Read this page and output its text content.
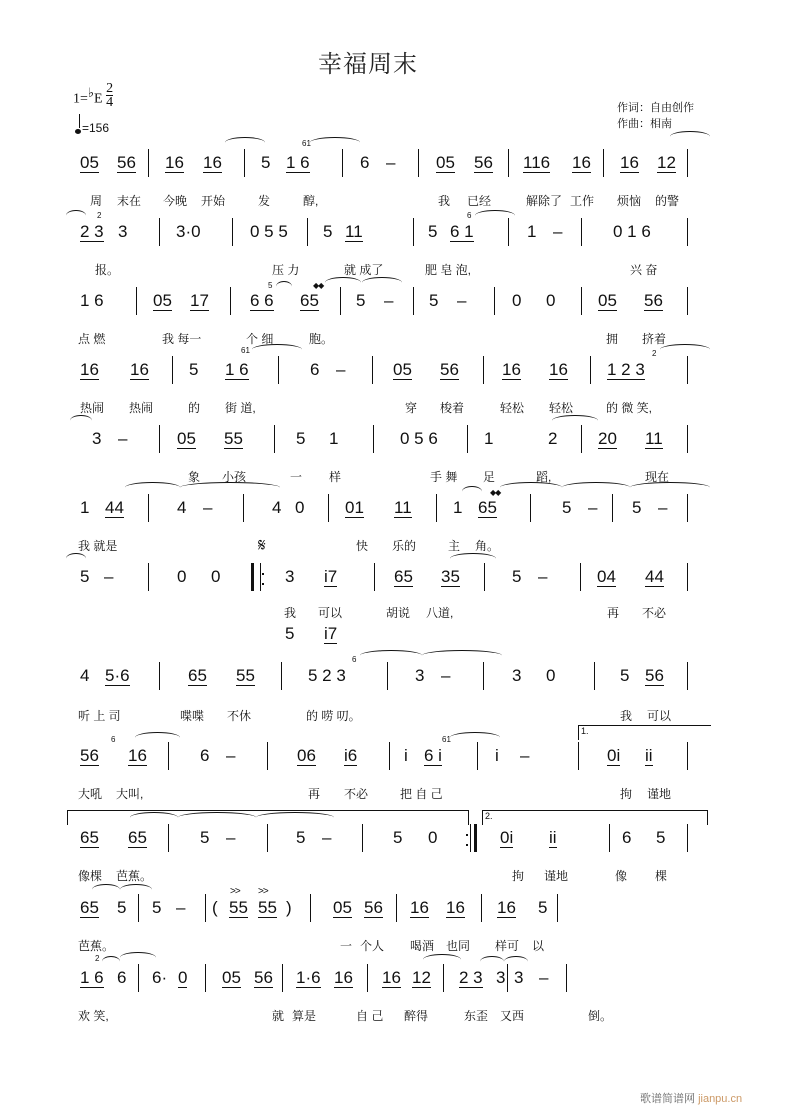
幸福周末
1=♭E $\frac{2}{4}$
=156
作词：自由创作
作曲：相南
05 56 16 16 5 1 6
61
6 – 05 56 116 16 16 12
周 末在 今晚 开始	发	醇,	我 已经	解除了 工作 烦恼 的警
2 3
2
3	3·0	0 5 5 5 11	5 6 1
6
1 –	0 1 6
报。	压 力	就 成了	肥 皂 泡,	兴 奋
1 6	05 17 6 6
5
65
◆◆
5 – 5 –	0 0	05 56
点 燃	我 每一	个 细	胞。	拥 挤着
16 16 5 1 6
61
6 –	05 56	16 16 1 2 3
2
热闹 热闹	的 街 道,	穿 梭着	轻松 轻松	的 微 笑,
3 –	05 55	5 1	0 5 6	1	2 20 11
象 小孩	一 样	手 舞 足	蹈,	现在
1 44	4 –	4 0 01 11 1 65
◆◆
5 – 5 –
我 就是	𝄋	快 乐的	主 角。
5 –	0 0	3 i7	65 35	5 –	04 44
我 可以	胡说 八道,	再 不必
5 i7
4 5·6	65 55	5 2 3
6
3 –	3 0	5 56
听 上 司	喋喋 不休	的 唠 叨。	我 可以
1.
56
6
16	6 –	06 i6	i 6 i
61
i –	0i ii
大吼 大叫,	再 不必	把 自 己	拘 谨地
2.
65 65	5 –	5 –	5 0	0i ii	6 5
像棵 芭蕉。	拘 谨地	像 棵
65 5 5 – (
>>
55
>>
55 ) 05 56 16 16 16 5
芭蕉。	一 个人 喝酒 也同 样可 以
1 6
2
6 6· 0 05 56 1·6 16 16 12 2 3 3 3 –
欢 笑,	就 算是	自 己 醉得	东歪 又西	倒。
歌谱简谱网 jianpu.cn
